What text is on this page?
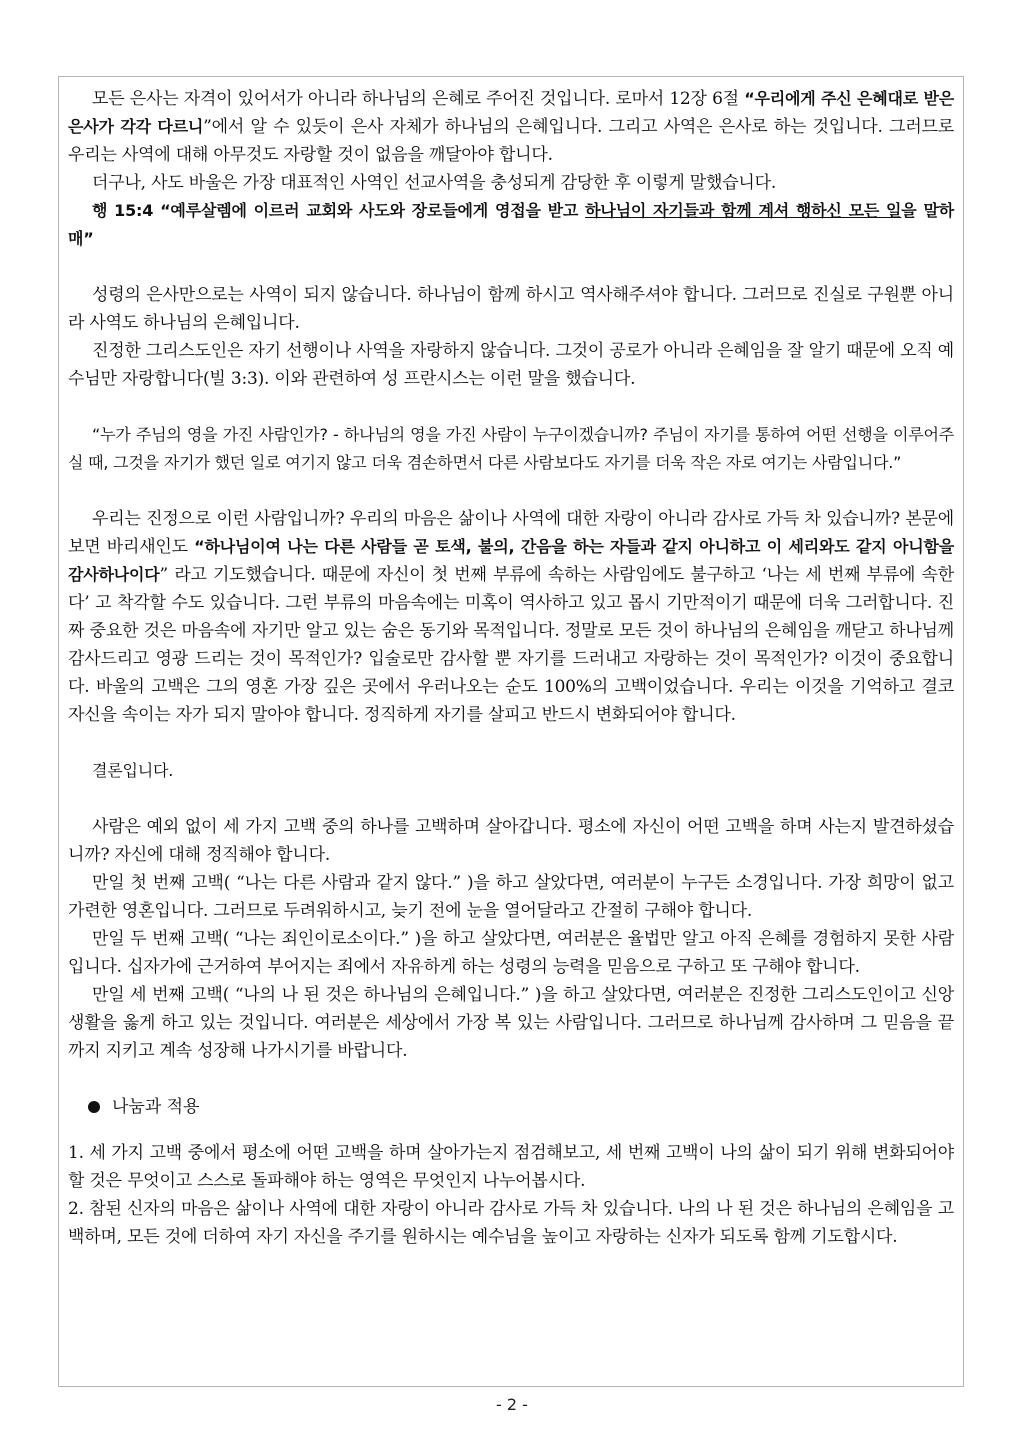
모든 은사는 자격이 있어서가 아니라 하나님의 은혜로 주어진 것입니다. 로마서 12장 6절 “우리에게 주신 은혜대로 받은 은사가 각각 다르니”에서 알 수 있듯이 은사 자체가 하나님의 은혜입니다. 그리고 사역은 은사로 하는 것입니다. 그러므로 우리는 사역에 대해 아무것도 자랑할 것이 없음을 깨달아야 합니다.

더구나, 사도 바울은 가장 대표적인 사역인 선교사역을 충성되게 감당한 후 이렇게 말했습니다.

행 15:4 “예루살렘에 이르러 교회와 사도와 장로들에게 영접을 받고 하나님이 자기들과 함께 계셔 행하신 모든 일을 말하매”

성령의 은사만으로는 사역이 되지 않습니다. 하나님이 함께 하시고 역사해주셔야 합니다. 그러므로 진실로 구원뿐 아니라 사역도 하나님의 은혜입니다.

진정한 그리스도인은 자기 선행이나 사역을 자랑하지 않습니다. 그것이 공로가 아니라 은혜임을 잘 알기 때문에 오직 예수님만 자랑합니다(빌 3:3). 이와 관련하여 성 프란시스는 이런 말을 했습니다.

“누가 주님의 영을 가진 사람인가? - 하나님의 영을 가진 사람이 누구이겠습니까? 주님이 자기를 통하여 어떤 선행을 이루어주실 때, 그것을 자기가 했던 일로 여기지 않고 더욱 겸손하면서 다른 사람보다도 자기를 더욱 작은 자로 여기는 사람입니다.”

우리는 진정으로 이런 사람입니까? 우리의 마음은 삶이나 사역에 대한 자랑이 아니라 감사로 가득 차 있습니까? 본문에 보면 바리새인도 “하나님이여 나는 다른 사람들 곧 토색, 불의, 간음을 하는 자들과 같지 아니하고 이 세리와도 같지 아니함을 감사하나이다” 라고 기도했습니다. 때문에 자신이 첫 번째 부류에 속하는 사람임에도 불구하고 ‘나는 세 번째 부류에 속한다’ 고 착각할 수도 있습니다. 그런 부류의 마음속에는 미혹이 역사하고 있고 몹시 기만적이기 때문에 더욱 그러합니다. 진짜 중요한 것은 마음속에 자기만 알고 있는 숨은 동기와 목적입니다. 정말로 모든 것이 하나님의 은혜임을 깨닫고 하나님께 감사드리고 영광 드리는 것이 목적인가? 입술로만 감사할 뿐 자기를 드러내고 자랑하는 것이 목적인가? 이것이 중요합니다. 바울의 고백은 그의 영혼 가장 깊은 곳에서 우러나오는 순도 100%의 고백이었습니다. 우리는 이것을 기억하고 결코 자신을 속이는 자가 되지 말아야 합니다. 정직하게 자기를 살피고 반드시 변화되어야 합니다.

결론입니다.

사람은 예외 없이 세 가지 고백 중의 하나를 고백하며 살아갑니다. 평소에 자신이 어떤 고백을 하며 사는지 발견하셨습니까? 자신에 대해 정직해야 합니다.

만일 첫 번째 고백( “나는 다른 사람과 같지 않다.” )을 하고 살았다면, 여러분이 누구든 소경입니다. 가장 희망이 없고 가련한 영혼입니다. 그러므로 두려워하시고, 늦기 전에 눈을 열어달라고 간절히 구해야 합니다.

만일 두 번째 고백( “나는 죄인이로소이다.” )을 하고 살았다면, 여러분은 율법만 알고 아직 은혜를 경험하지 못한 사람입니다. 십자가에 근거하여 부어지는 죄에서 자유하게 하는 성령의 능력을 믿음으로 구하고 또 구해야 합니다.

만일 세 번째 고백( “나의 나 된 것은 하나님의 은혜입니다.” )을 하고 살았다면, 여러분은 진정한 그리스도인이고 신앙생활을 옳게 하고 있는 것입니다. 여러분은 세상에서 가장 복 있는 사람입니다. 그러므로 하나님께 감사하며 그 믿음을 끝까지 지키고 계속 성장해 나가시기를 바랍니다.

나눔과 적용

1. 세 가지 고백 중에서 평소에 어떤 고백을 하며 살아가는지 점검해보고, 세 번째 고백이 나의 삶이 되기 위해 변화되어야 할 것은 무엇이고 스스로 돌파해야 하는 영역은 무엇인지 나누어봅시다.

2. 참된 신자의 마음은 삶이나 사역에 대한 자랑이 아니라 감사로 가득 차 있습니다. 나의 나 된 것은 하나님의 은혜임을 고백하며, 모든 것에 더하여 자기 자신을 주기를 원하시는 예수님을 높이고 자랑하는 신자가 되도록 함께 기도합시다.

- 2 -
